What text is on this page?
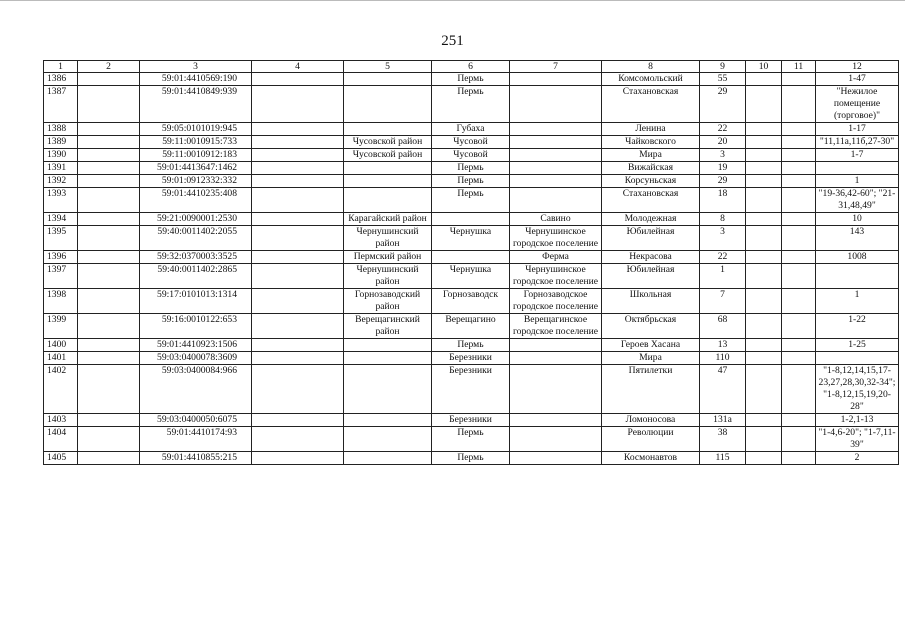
251
1	2	3	4	5	6	7	8	9	10	11	12
1386		59:01:4410569:190			Пермь		Комсомольский	55			1-47
1387		59:01:4410849:939			Пермь		Стахановская	29			"Нежилое помещение (торговое)"
1388		59:05:0101019:945			Губаха		Ленина	22			1-17
1389		59:11:0010915:733		Чусовской район	Чусовой		Чайковского	20			"11,11а,11б,27-30"
1390		59:11:0010912:183		Чусовской район	Чусовой		Мира	3			1-7
1391		59:01:4413647:1462			Пермь		Вижайская	19			
1392		59:01:0912332:332			Пермь		Корсуньская	29			1
1393		59:01:4410235:408			Пермь		Стахановская	18			"19-36,42-60"; "21-31,48,49"
1394		59:21:0090001:2530		Карагайский район		Савино	Молодежная	8			10
1395		59:40:0011402:2055		Чернушинский район	Чернушка	Чернушинское городское поселение	Юбилейная	3			143
1396		59:32:0370003:3525		Пермский район		Ферма	Некрасова	22			1008
1397		59:40:0011402:2865		Чернушинский район	Чернушка	Чернушинское городское поселение	Юбилейная	1			
1398		59:17:0101013:1314		Горнозаводский район	Горнозаводск	Горнозаводское городское поселение	Школьная	7			1
1399		59:16:0010122:653		Верещагинский район	Верещагино	Верещагинское городское поселение	Октябрьская	68			1-22
1400		59:01:4410923:1506			Пермь		Героев Хасана	13			1-25
1401		59:03:0400078:3609			Березники		Мира	110			
1402		59:03:0400084:966			Березники		Пятилетки	47			"1-8,12,14,15,17-23,27,28,30,32-34"; "1-8,12,15,19,20-28"
1403		59:03:0400050:6075			Березники		Ломоносова	131а			1-2,1-13
1404		59:01:4410174:93			Пермь		Революции	38			"1-4,6-20"; "1-7,11-39"
1405		59:01:4410855:215			Пермь		Космонавтов	115			2
